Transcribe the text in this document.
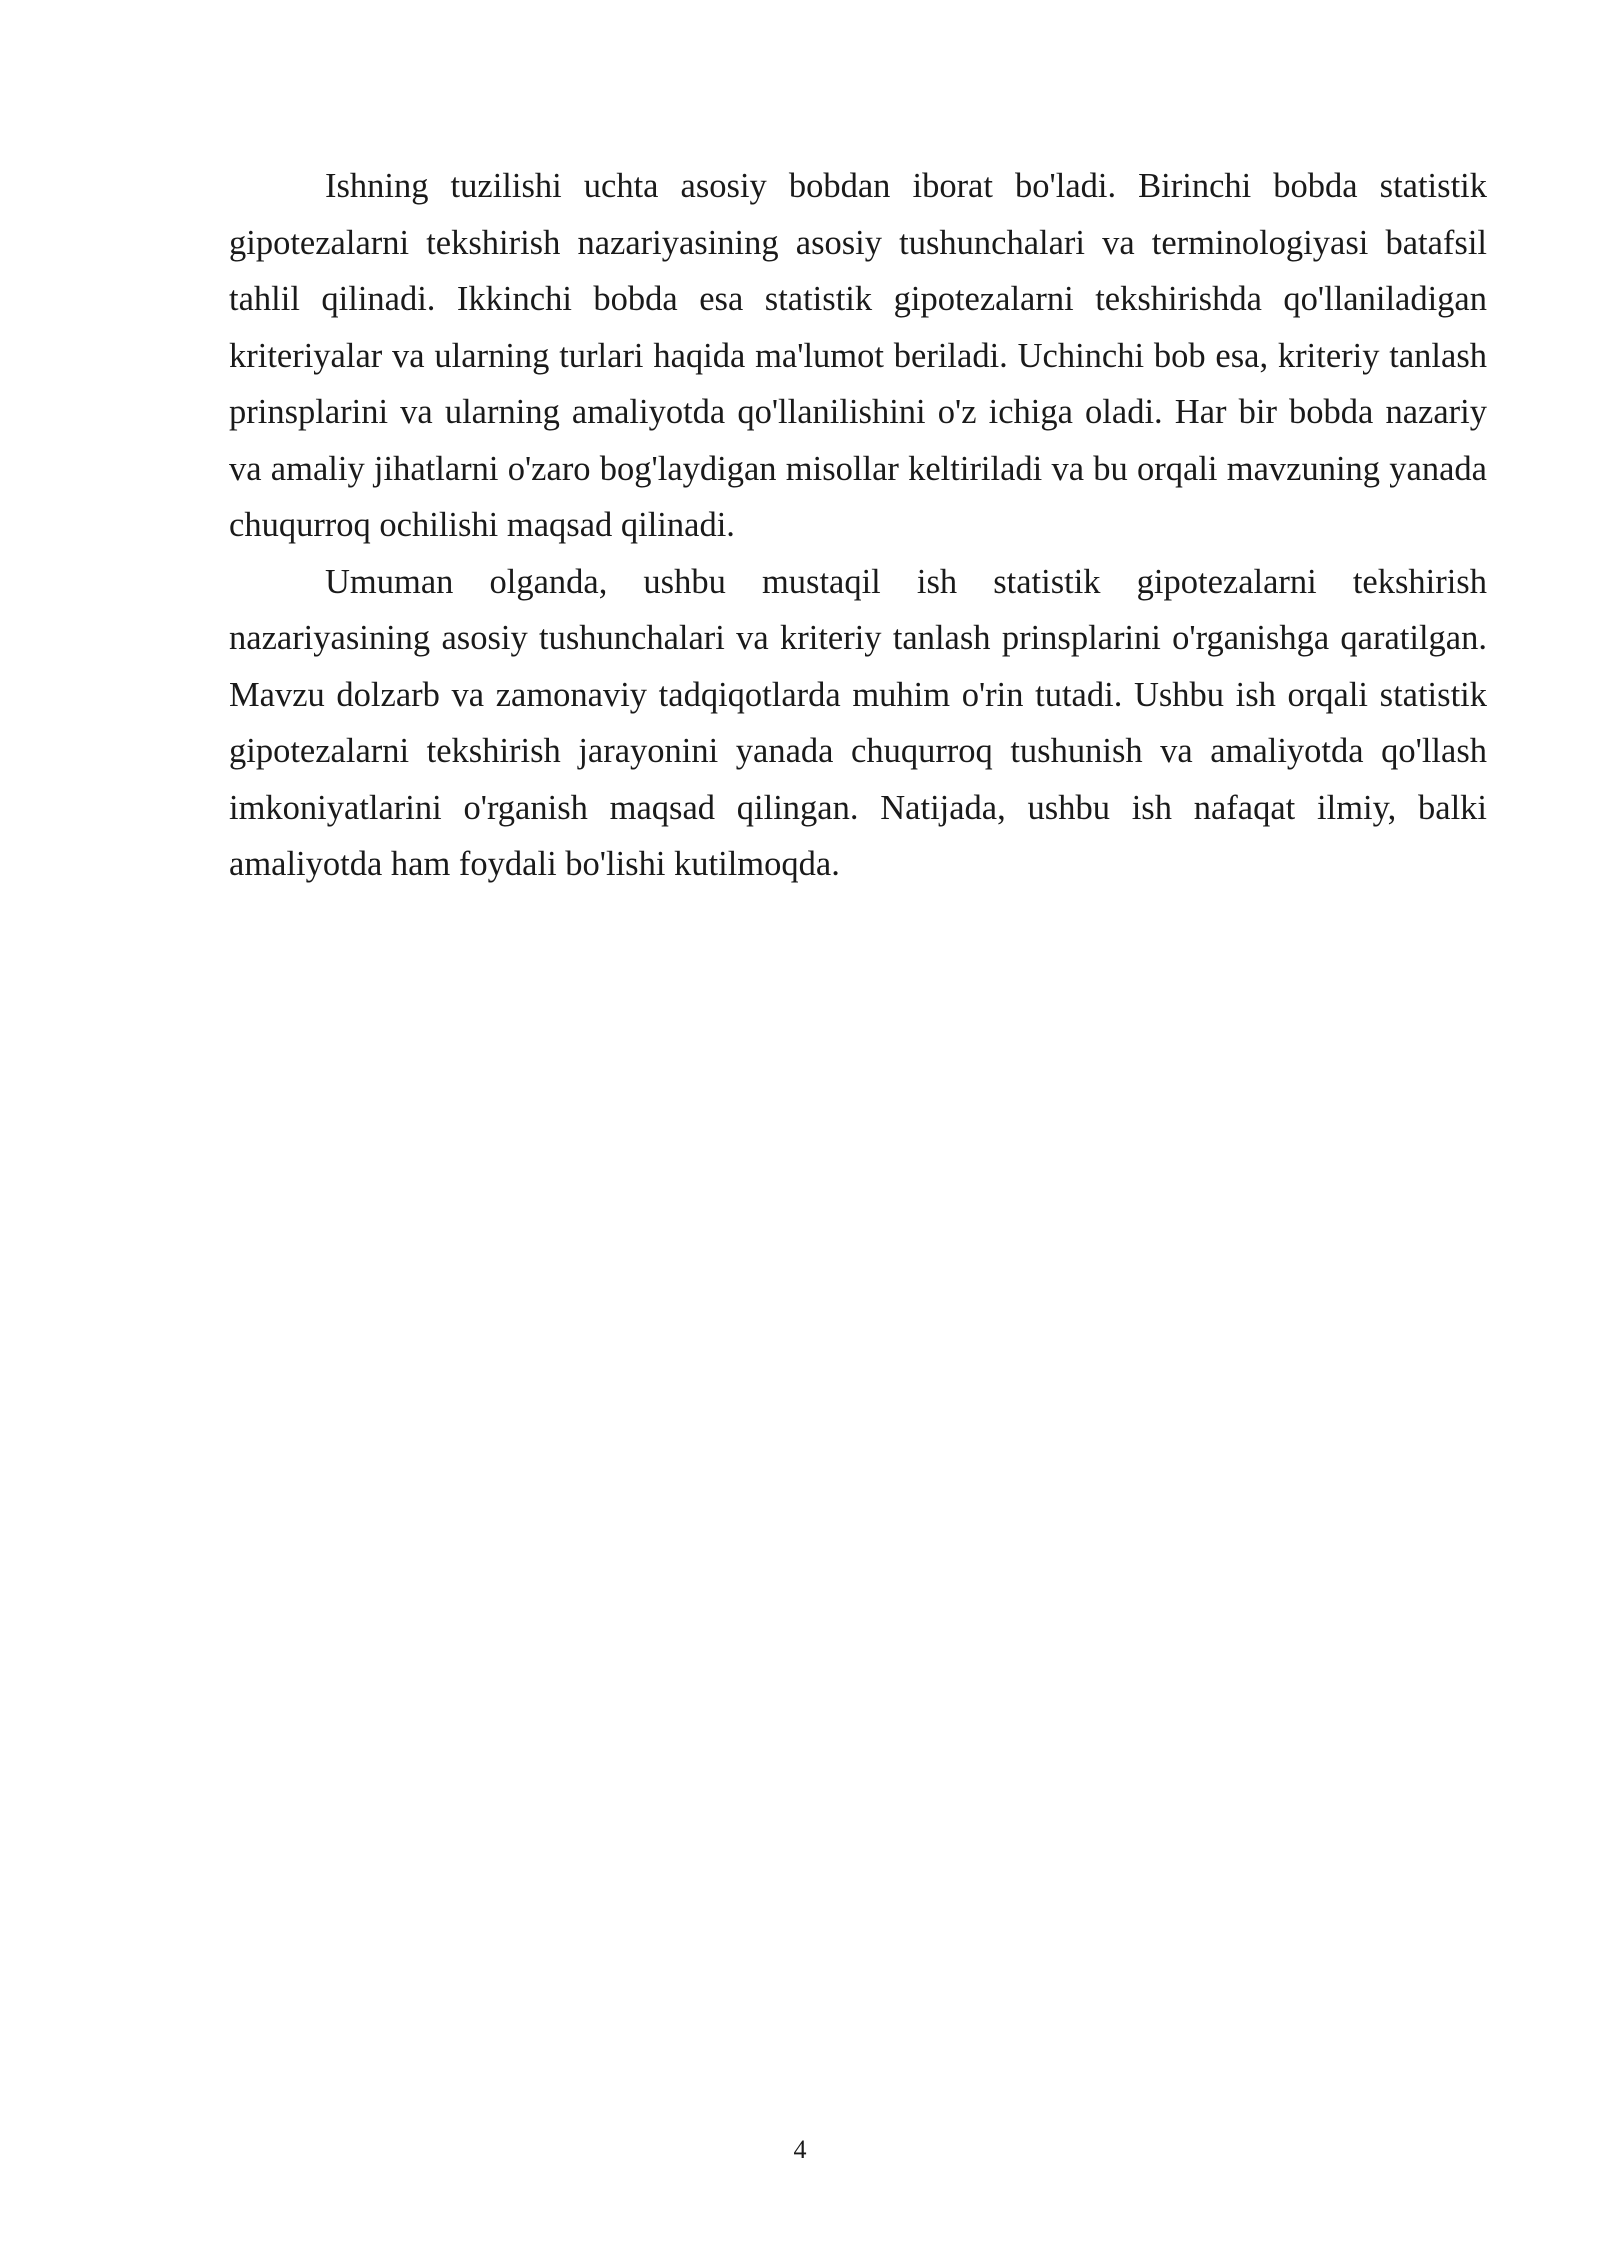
Ishning tuzilishi uchta asosiy bobdan iborat bo'ladi. Birinchi bobda statistik gipotezalarni tekshirish nazariyasining asosiy tushunchalari va terminologiyasi batafsil tahlil qilinadi. Ikkinchi bobda esa statistik gipotezalarni tekshirishda qo'llaniladigan kriteriyalar va ularning turlari haqida ma'lumot beriladi. Uchinchi bob esa, kriteriy tanlash prinsplarini va ularning amaliyotda qo'llanilishini o'z ichiga oladi. Har bir bobda nazariy va amaliy jihatlarni o'zaro bog'laydigan misollar keltiriladi va bu orqali mavzuning yanada chuqurroq ochilishi maqsad qilinadi.

Umuman olganda, ushbu mustaqil ish statistik gipotezalarni tekshirish nazariyasining asosiy tushunchalari va kriteriy tanlash prinsplarini o'rganishga qaratilgan. Mavzu dolzarb va zamonaviy tadqiqotlarda muhim o'rin tutadi. Ushbu ish orqali statistik gipotezalarni tekshirish jarayonini yanada chuqurroq tushunish va amaliyotda qo'llash imkoniyatlarini o'rganish maqsad qilingan. Natijada, ushbu ish nafaqat ilmiy, balki amaliyotda ham foydali bo'lishi kutilmoqda.

4
